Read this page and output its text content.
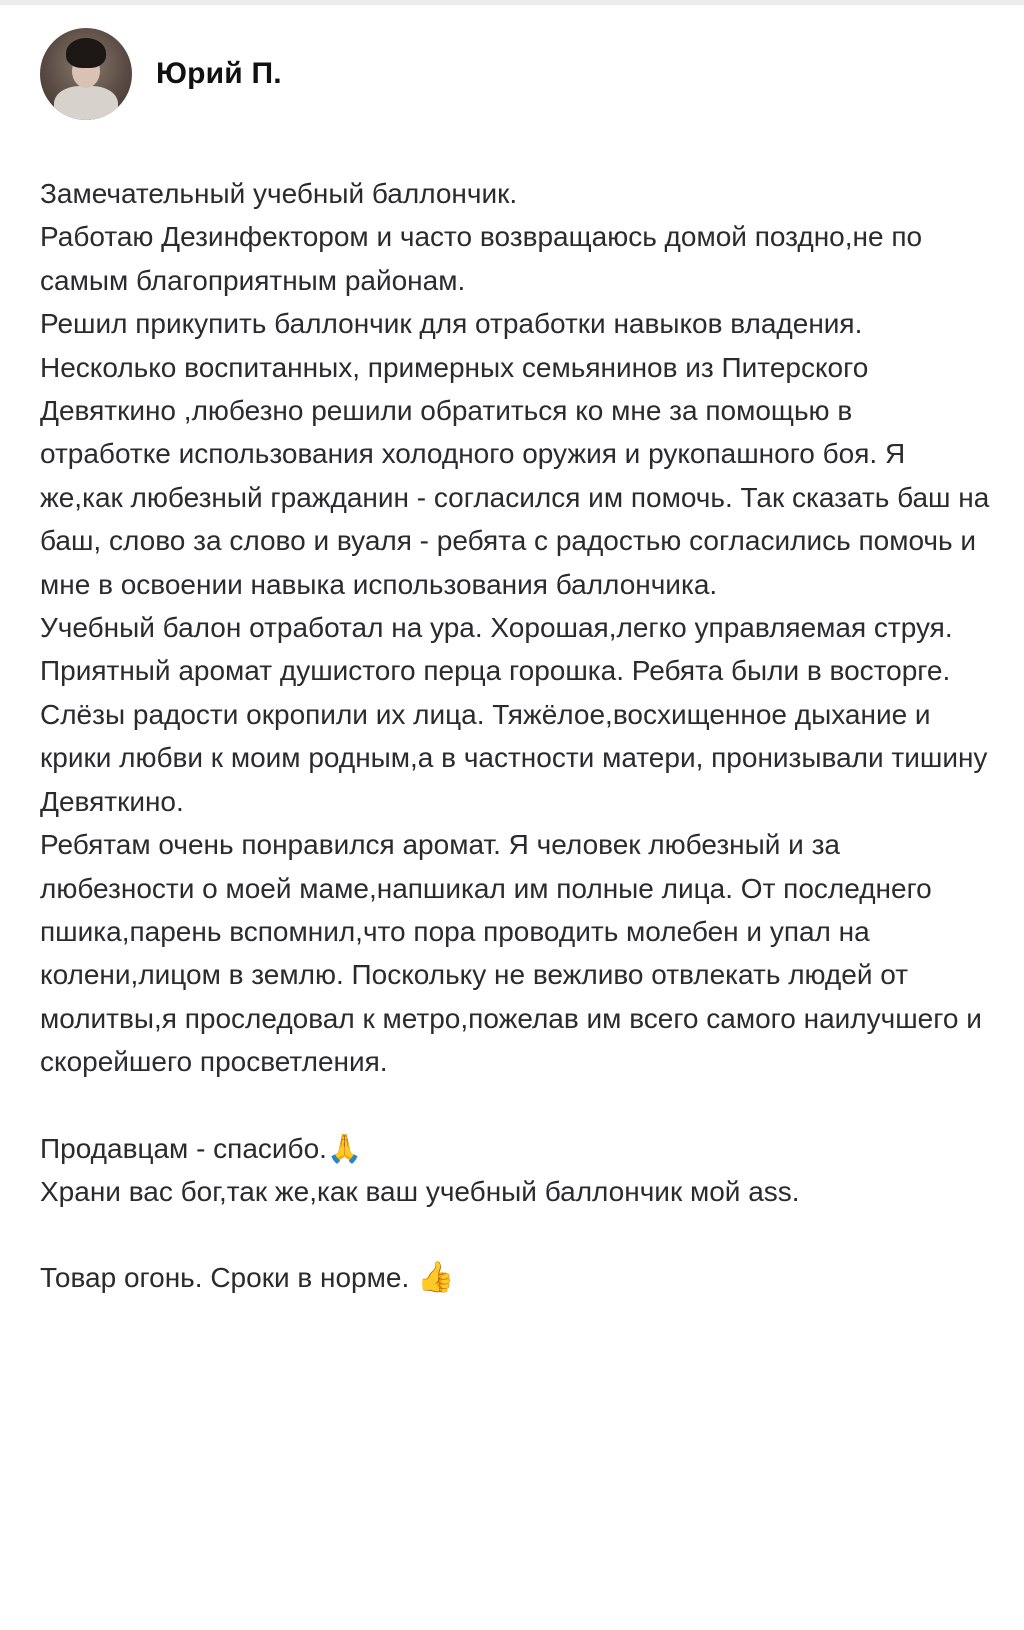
Юрий П.

Замечательный учебный баллончик.

Работаю Дезинфектором и часто возвращаюсь домой поздно,не по самым благоприятным районам.

Решил прикупить баллончик для отработки навыков владения.

Несколько воспитанных, примерных семьянинов из Питерского Девяткино ,любезно решили обратиться ко мне за помощью в отработке использования холодного оружия и рукопашного боя. Я же,как любезный гражданин - согласился им помочь. Так сказать баш на баш, слово за слово и вуаля - ребята с радостью согласились помочь и мне в освоении навыка использования баллончика.

Учебный балон отработал на ура. Хорошая,легко управляемая струя. Приятный аромат душистого перца горошка. Ребята были в восторге. Слёзы радости окропили их лица. Тяжёлое,восхищенное дыхание и крики любви к моим родным,а в частности матери, пронизывали тишину Девяткино.

Ребятам очень понравился аромат. Я человек любезный и за любезности о моей маме,напшикал им полные лица. От последнего пшика,парень вспомнил,что пора проводить молебен и упал на колени,лицом в землю. Поскольку не вежливо отвлекать людей от молитвы,я проследовал к метро,пожелав им всего самого наилучшего и скорейшего просветления.

Продавцам - спасибо.🙏

Храни вас бог,так же,как ваш учебный баллончик мой ass.

Товар огонь. Сроки в норме. 👍
